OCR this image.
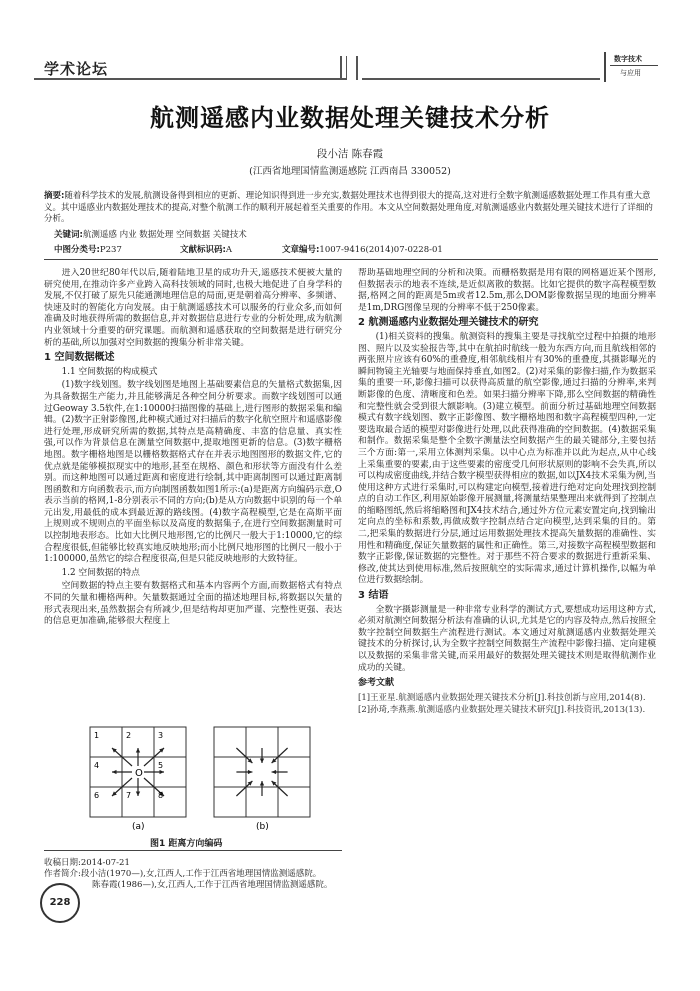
学术论坛
数字技术
与应用
航测遥感内业数据处理关键技术分析
段小洁 陈春霞
(江西省地理国情监测遥感院 江西南昌 330052)
摘要:随着科学技术的发展,航测设备得到相应的更新、理论知识得到进一步充实,数据处理技术也得到很大的提高,这对进行全数字航测遥感数据处理工作具有重大意义。其中遥感业内数据处理技术的提高,对整个航测工作的顺利开展起着至关重要的作用。本文从空间数据处理角度,对航测遥感业内数据处理关键技术进行了详细的分析。
关键词:航测遥感 内业 数据处理 空间数据 关键技术
中图分类号:P237	文献标识码:A	文章编号:1007-9416(2014)07-0228-01

进入20世纪80年代以后,随着陆地卫星的成功升天,遥感技术便被大量的研究使用,在推动许多产业跨入高科技领域的同时,也极大地促进了自身学科的发展,不仅打破了原先只能通测地理信息的局面,更是朝着高分辨率、多频谱、快速及时的智能化方向发展。由于航测遥感技术可以服务的行业众多,而如何准确及时地获得所需的数据信息,并对数据信息进行专业的分析处理,成为航测内业领域十分重要的研究课题。而航测和遥感获取的空间数据是进行研究分析的基础,所以加强对空间数据的搜集分析非常关键。

1 空间数据概述
1.1 空间数据的构成模式

(1)数字线划图。数字线划图是地图上基础要素信息的矢量格式数据集,因为具备数据生产能力,并且能够满足各种空间分析要求。而数字线划图可以通过Geoway 3.5软件,在1:10000扫描图像的基础上,进行图形的数据采集和编辑。(2)数字正射影像图,此种模式通过对扫描后的数字化航空照片和遥感影像进行处理,形成研究所需的数据,其特点是高精确度、丰富的信息量、真实性强,可以作为背景信息在测量空间数据中,提取地图更新的信息。(3)数字栅格地图。数字栅格地图是以栅格数据格式存在并表示地图图形的数据文件,它的优点就是能够模拟现实中的地形,甚至在规格、颜色和形状等方面没有什么差别。而这种地图可以通过距离和密度进行绘制,其中距离制图可以通过距离制图函数和方向函数表示,而方向制图函数如图1所示:(a)是距离方向编码示意,O表示当前的格网,1-8分别表示不同的方向;(b)是从方向数据中识别的每一个单元出发,用最低的成本到最近源的路线图。(4)数字高程模型,它是在高斯平面上规则或不规则点的平面坐标以及高度的数据集子,在进行空间数据测量时可以控制地表形态。比如大比例尺地形图,它的比例尺一般大于1:10000,它的综合程度很低,但能够比较真实地反映地形;而小比例尺地形图的比例尺一般小于1:100000,虽然它的综合程度很高,但是只能反映地形的大致特征。

1.2 空间数据的特点

空间数据的特点主要有数据格式和基本内容两个方面,而数据格式有特点不同的矢量和栅格两种。矢量数据通过全面的描述地理目标,将数据以矢量的形式表现出来,虽然数据会有所减少,但是结构却更加严谨、完整性更强、表达的信息更加准确,能够很大程度上

1	2	3
4	5
6	7	8
O
(a)	(b)
图1 距离方向编码
收稿日期:2014-07-21
作者简介:段小洁(1970—),女,江西人,工作于江西省地理国情监测遥感院。
陈春霞(1986—),女,江西人,工作于江西省地理国情监测遥感院。
228

帮助基础地理空间的分析和决策。而栅格数据是用有限的网格逼近某个图形,但数据表示的地表不连续,是近似离散的数据。比如它提供的数字高程模型数据,格网之间的距离是5m或者12.5m,那么DOM影像数据呈现的地面分辨率是1m,DRG图像呈现的分辨率不低于250像素。

2 航测遥感内业数据处理关键技术的研究

(1)相关资料的搜集。航测资料的搜集主要是寻找航空过程中拍摄的地形图、照片以及实验报告等,其中在航拍时航线一般为东西方向,而且航线相邻的两张照片应该有60%的重叠度,相邻航线相片有30%的重叠度,其摄影曝光的瞬间物镜主光轴要与地面保持垂直,如图2。(2)对采集的影像扫描,作为数据采集的重要一环,影像扫描可以获得高质量的航空影像,通过扫描的分辨率,来判断影像的色度、清晰度和色差。如果扫描分辨率下降,那么空间数据的精确性和完整性就会受到很大额影响。(3)建立模型。前面分析过基础地理空间数据模式有数字线划图、数字正影像图、数字栅格地图和数字高程模型四种,一定要选取最合适的模型对影像进行处理,以此获得准确的空间数据。(4)数据采集和制作。数据采集是整个全数字测量法空间数据产生的最关键部分,主要包括三个方面:第一,采用立体测判采集。以中心点为标准并以此为起点,从中心线上采集重要的要素,由于这些要素的密度受几何形状原则的影响不会失真,所以可以构成密度曲线,并结合数字模型获得相应的数据,如以JX4技术采集为例,当使用这种方式进行采集时,可以构建定向模型,接着进行绝对定向处理找到控制点的自动工作区,利用原始影像开展测量,将测量结果整理出来就得到了控制点的缩略图纸,然后将缩略图和JX4技术结合,通过外方位元素安置定向,找到输出定向点的坐标和系数,再做成数字控制点结合定向模型,达到采集的目的。第二,把采集的数据进行分层,通过运用数据处理技术提高矢量数据的准确性、实用性和精确度,保证矢量数据的属性和正确性。第三,对接数字高程模型数据和数字正影像,保证数据的完整性。对于那些不符合要求的数据进行重新采集、修改,使其达到使用标准,然后按照航空的实际需求,通过计算机操作,以幅为单位进行数据绘制。

3 结语

全数字摄影测量是一种非常专业科学的测试方式,要想成功运用这种方式,必须对航测空间数据分析法有准确的认识,尤其是它的内容及特点,然后按照全数字控制空间数据生产流程进行测试。本文通过对航测遥感内业数据处理关键技术的分析探讨,认为全数字控制空间数据生产流程中影像扫描、定向建模以及数据的采集非常关键,而采用最好的数据处理关键技术则是取得航测作业成功的关键。

参考文献
[1]王亚星.航测遥感内业数据处理关键技术分析[J].科技创新与应用,2014(8).
[2]孙琦,李燕燕.航测遥感内业数据处理关键技术研究[J].科技资讯,2013(13).
